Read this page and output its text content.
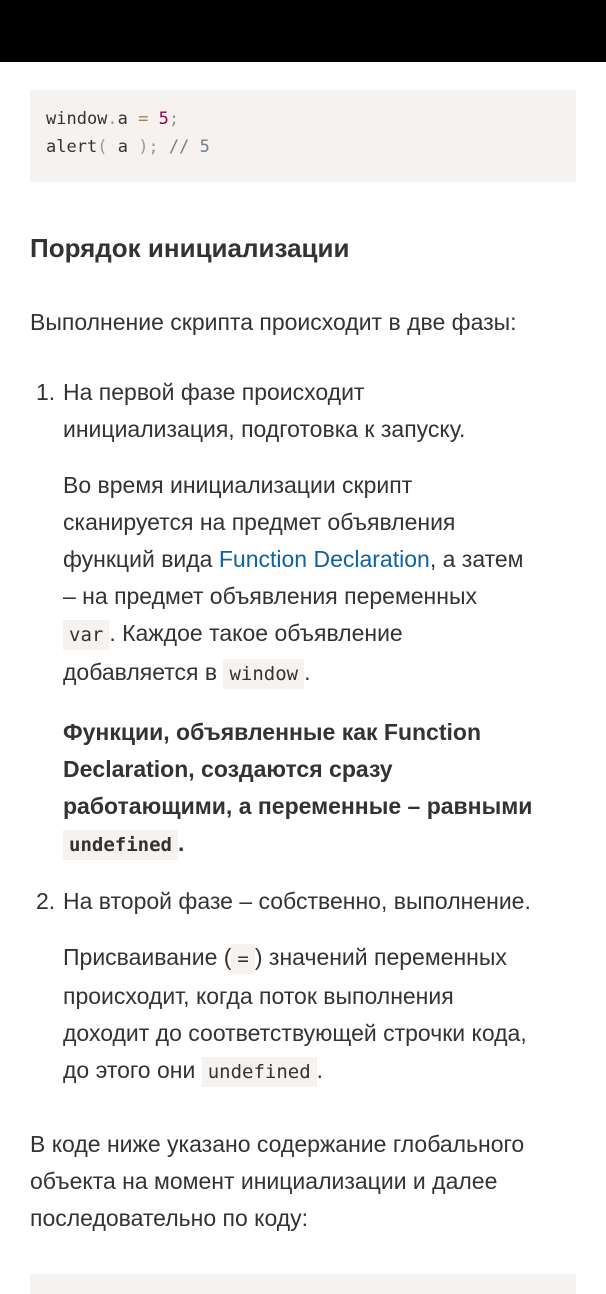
window.a = 5;
alert( a ); // 5
Порядок инициализации

Выполнение скрипта происходит в две фазы:

1. На первой фазе происходит
инициализация, подготовка к запуску.

Во время инициализации скрипт
сканируется на предмет объявления
функций вида Function Declaration, а затем
– на предмет объявления переменных
var . Каждое такое объявление
добавляется в window .

Функции, объявленные как Function
Declaration, создаются сразу
работающими, а переменные – равными
undefined .

2. На второй фазе – собственно, выполнение.

Присваивание ( = ) значений переменных
происходит, когда поток выполнения
доходит до соответствующей строчки кода,
до этого они undefined .

В коде ниже указано содержание глобального
объекта на момент инициализации и далее
последовательно по коду:
